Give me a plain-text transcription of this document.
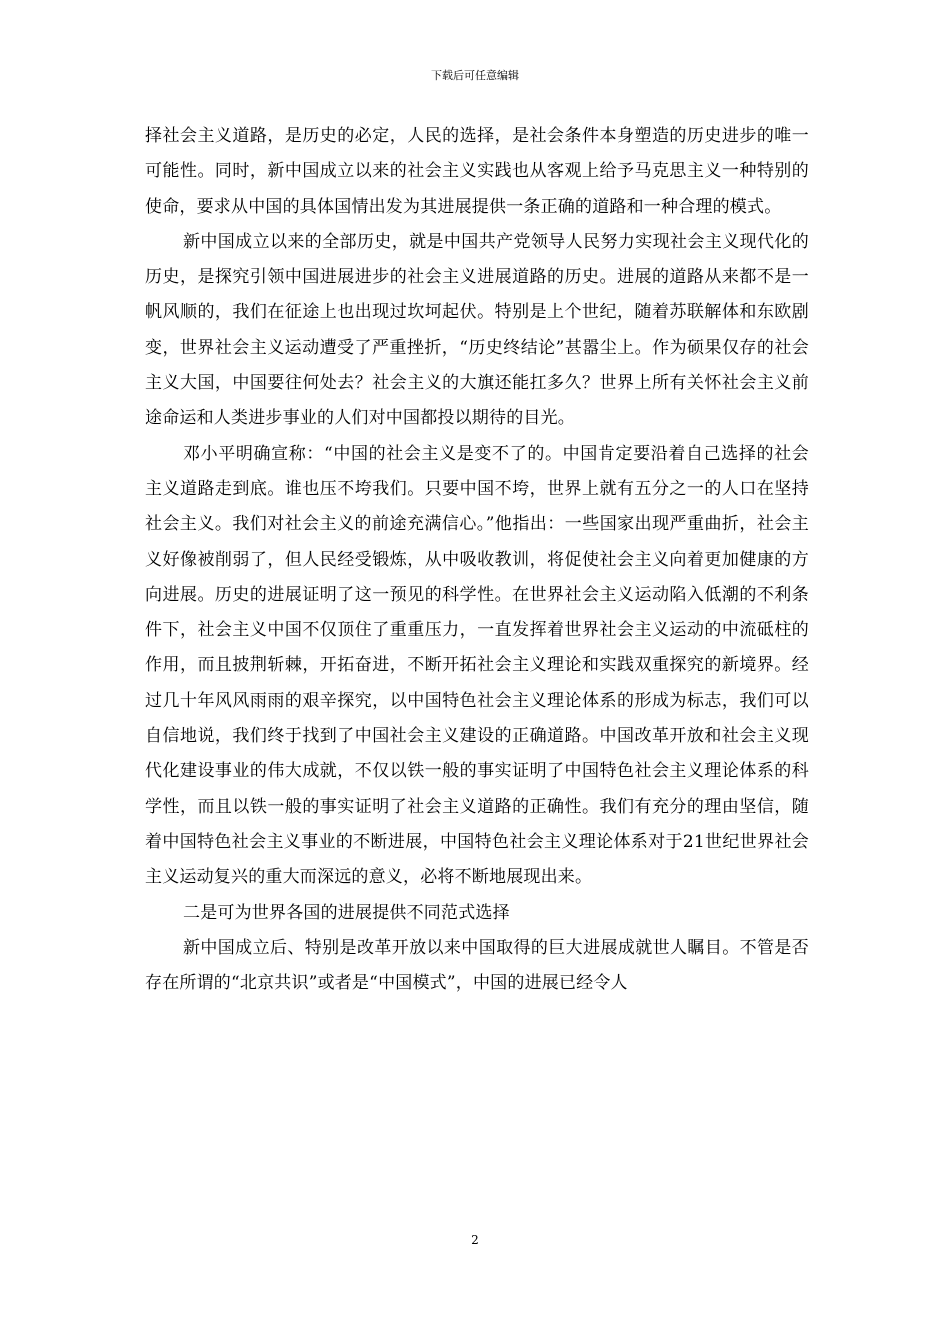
下载后可任意编辑

择社会主义道路，是历史的必定，人民的选择，是社会条件本身塑造的历史进步的唯一可能性。同时，新中国成立以来的社会主义实践也从客观上给予马克思主义一种特别的使命，要求从中国的具体国情出发为其进展提供一条正确的道路和一种合理的模式。

新中国成立以来的全部历史，就是中国共产党领导人民努力实现社会主义现代化的历史，是探究引领中国进展进步的社会主义进展道路的历史。进展的道路从来都不是一帆风顺的，我们在征途上也出现过坎坷起伏。特别是上个世纪，随着苏联解体和东欧剧变，世界社会主义运动遭受了严重挫折，“历史终结论”甚嚣尘上。作为硕果仅存的社会主义大国，中国要往何处去？社会主义的大旗还能扛多久？世界上所有关怀社会主义前途命运和人类进步事业的人们对中国都投以期待的目光。

邓小平明确宣称：“中国的社会主义是变不了的。中国肯定要沿着自己选择的社会主义道路走到底。谁也压不垮我们。只要中国不垮，世界上就有五分之一的人口在坚持社会主义。我们对社会主义的前途充满信心。”他指出：一些国家出现严重曲折，社会主义好像被削弱了，但人民经受锻炼，从中吸收教训，将促使社会主义向着更加健康的方向进展。历史的进展证明了这一预见的科学性。在世界社会主义运动陷入低潮的不利条件下，社会主义中国不仅顶住了重重压力，一直发挥着世界社会主义运动的中流砥柱的作用，而且披荆斩棘，开拓奋进，不断开拓社会主义理论和实践双重探究的新境界。经过几十年风风雨雨的艰辛探究，以中国特色社会主义理论体系的形成为标志，我们可以自信地说，我们终于找到了中国社会主义建设的正确道路。中国改革开放和社会主义现代化建设事业的伟大成就，不仅以铁一般的事实证明了中国特色社会主义理论体系的科学性，而且以铁一般的事实证明了社会主义道路的正确性。我们有充分的理由坚信，随着中国特色社会主义事业的不断进展，中国特色社会主义理论体系对于21世纪世界社会主义运动复兴的重大而深远的意义，必将不断地展现出来。

二是可为世界各国的进展提供不同范式选择

新中国成立后、特别是改革开放以来中国取得的巨大进展成就世人瞩目。不管是否存在所谓的“北京共识”或者是“中国模式”，中国的进展已经令人

2
